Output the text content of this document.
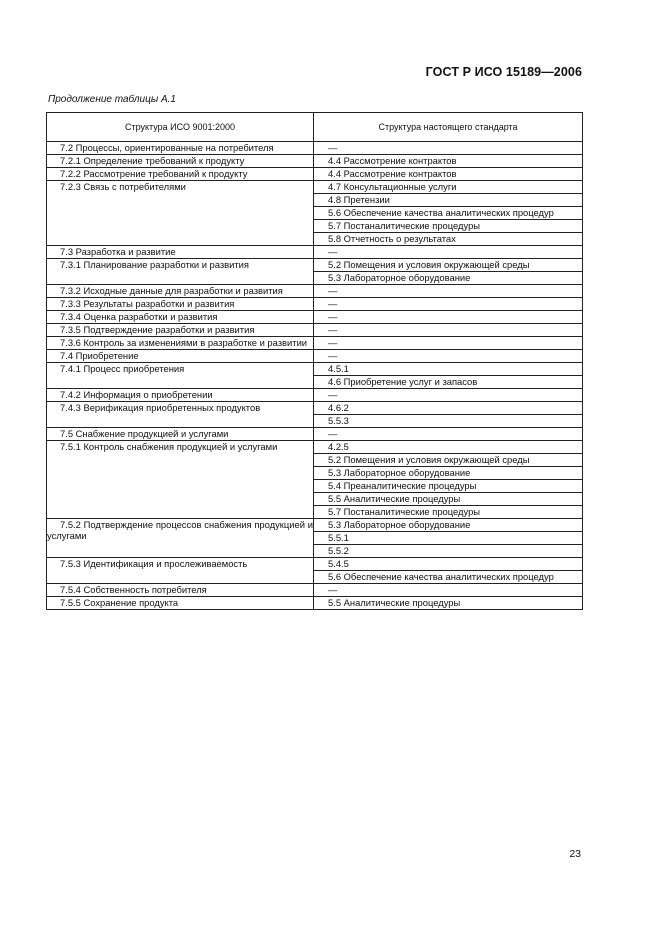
ГОСТ Р ИСО 15189—2006
Продолжение таблицы А.1
Структура ИСО 9001:2000	Структура настоящего стандарта
7.2 Процессы, ориентированные на потребителя	—
7.2.1 Определение требований к продукту	4.4 Рассмотрение контрактов
7.2.2 Рассмотрение требований к продукту	4.4 Рассмотрение контрактов
7.2.3 Связь с потребителями	4.7 Консультационные услуги
	4.8 Претензии
	5.6 Обеспечение качества аналитических процедур
	5.7 Постаналитические процедуры
	5.8 Отчетность о результатах
7.3 Разработка и развитие	—
7.3.1 Планирование разработки и развития	5.2 Помещения и условия окружающей среды
	5.3 Лабораторное оборудование
7.3.2 Исходные данные для разработки и развития	—
7.3.3 Результаты разработки и развития	—
7.3.4 Оценка разработки и развития	—
7.3.5 Подтверждение разработки и развития	—
7.3.6 Контроль за изменениями в разработке и развитии	—
7.4 Приобретение	—
7.4.1 Процесс приобретения	4.5.1
	4.6 Приобретение услуг и запасов
7.4.2 Информация о приобретении	—
7.4.3 Верификация приобретенных продуктов	4.6.2
	5.5.3
7.5 Снабжение продукцией и услугами	—
7.5.1 Контроль снабжения продукцией и услугами	4.2.5
	5.2 Помещения и условия окружающей среды
	5.3 Лабораторное оборудование
	5.4 Преаналитические процедуры
	5.5 Аналитические процедуры
	5.7 Постаналитические процедуры
7.5.2 Подтверждение процессов снабжения продукцией и услугами	5.3 Лабораторное оборудование
	5.5.1
	5.5.2
7.5.3 Идентификация и прослеживаемость	5.4.5
	5.6 Обеспечение качества аналитических процедур
7.5.4 Собственность потребителя	—
7.5.5 Сохранение продукта	5.5 Аналитические процедуры
23
